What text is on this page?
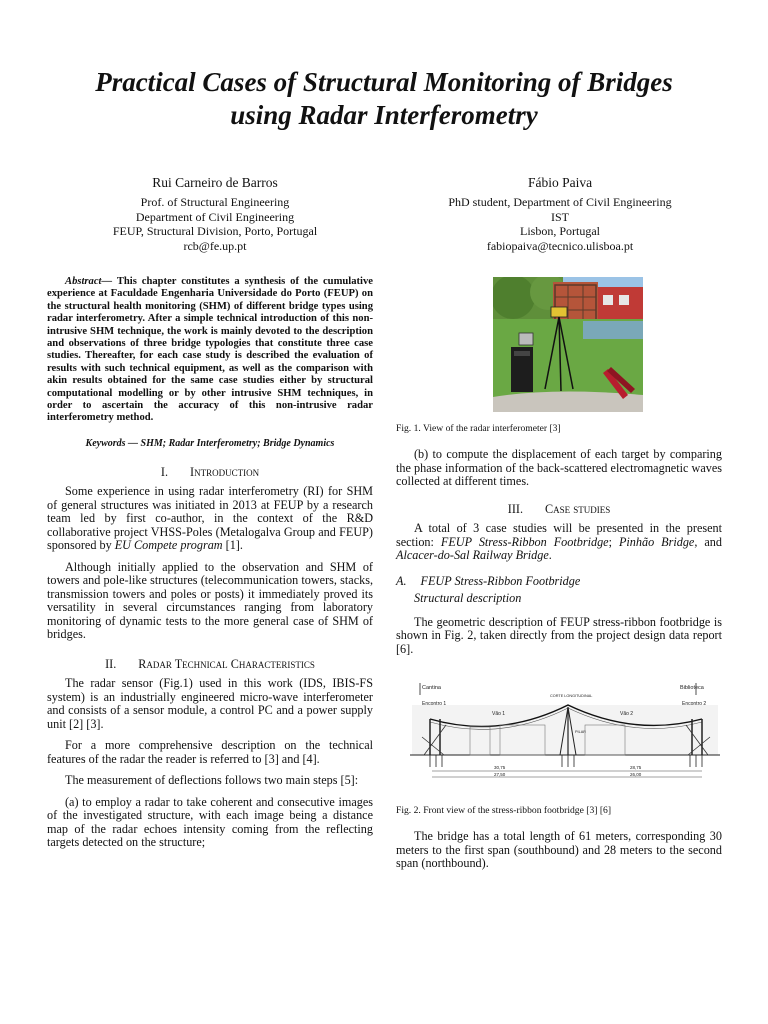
Practical Cases of Structural Monitoring of Bridges
using Radar Interferometry
Rui Carneiro de Barros
Prof. of Structural Engineering
Department of Civil Engineering
FEUP, Structural Division, Porto, Portugal
rcb@fe.up.pt
Fábio Paiva
PhD student, Department of Civil Engineering
IST
Lisbon, Portugal
fabiopaiva@tecnico.ulisboa.pt

Abstract— This chapter constitutes a synthesis of the cumulative experience at Faculdade Engenharia Universidade do Porto (FEUP) on the structural health monitoring (SHM) of different bridge types using radar interferometry. After a simple technical introduction of this non-intrusive SHM technique, the work is mainly devoted to the description and observations of three bridge typologies that constitute three case studies. Thereafter, for each case study is described the evaluation of results with such technical equipment, as well as the comparison with akin results obtained for the same case studies either by structural computational modelling or by other intrusive SHM techniques, in order to ascertain the accuracy of this non-intrusive radar interferometry method.

Keywords — SHM; Radar Interferometry; Bridge Dynamics

I. Introduction

Some experience in using radar interferometry (RI) for SHM of general structures was initiated in 2013 at FEUP by a research team led by first co-author, in the context of the R&D collaborative project VHSS-Poles (Metalogalva Group and FEUP) sponsored by EU Compete program [1].

Although initially applied to the observation and SHM of towers and pole-like structures (telecommunication towers, stacks, transmission towers and poles or posts) it immediately proved its versatility in several circumstances ranging from laboratory monitoring of dynamic tests to the more general case of SHM of bridges.

II. Radar Technical Characteristics

The radar sensor (Fig.1) used in this work (IDS, IBIS-FS system) is an industrially engineered micro-wave interferometer and consists of a sensor module, a control PC and a power supply unit [2] [3].

For a more comprehensive description on the technical features of the radar the reader is referred to [3] and [4].

The measurement of deflections follows two main steps [5]:

(a) to employ a radar to take coherent and consecutive images of the investigated structure, with each image being a distance map of the radar echoes intensity coming from the reflecting targets detected on the structure;

Fig. 1. View of the radar interferometer [3]

(b) to compute the displacement of each target by comparing the phase information of the back-scattered electromagnetic waves collected at different times.

III. Case studies

A total of 3 case studies will be presented in the present section: FEUP Stress-Ribbon Footbridge; Pinhão Bridge, and Alcacer-do-Sal Railway Bridge.

A. FEUP Stress-Ribbon Footbridge
Structural description

The geometric description of FEUP stress-ribbon footbridge is shown in Fig. 2, taken directly from the project design data report [6].

Cantina	Biblioteca
Encontro 1	Encontro 2
Vão 1	Vão 2
CORTE LONGITUDINAL
PILAR
30,75	28,75
27,50	26,00

Fig. 2. Front view of the stress-ribbon footbridge [3] [6]

The bridge has a total length of 61 meters, corresponding 30 meters to the first span (southbound) and 28 meters to the second span (northbound).
